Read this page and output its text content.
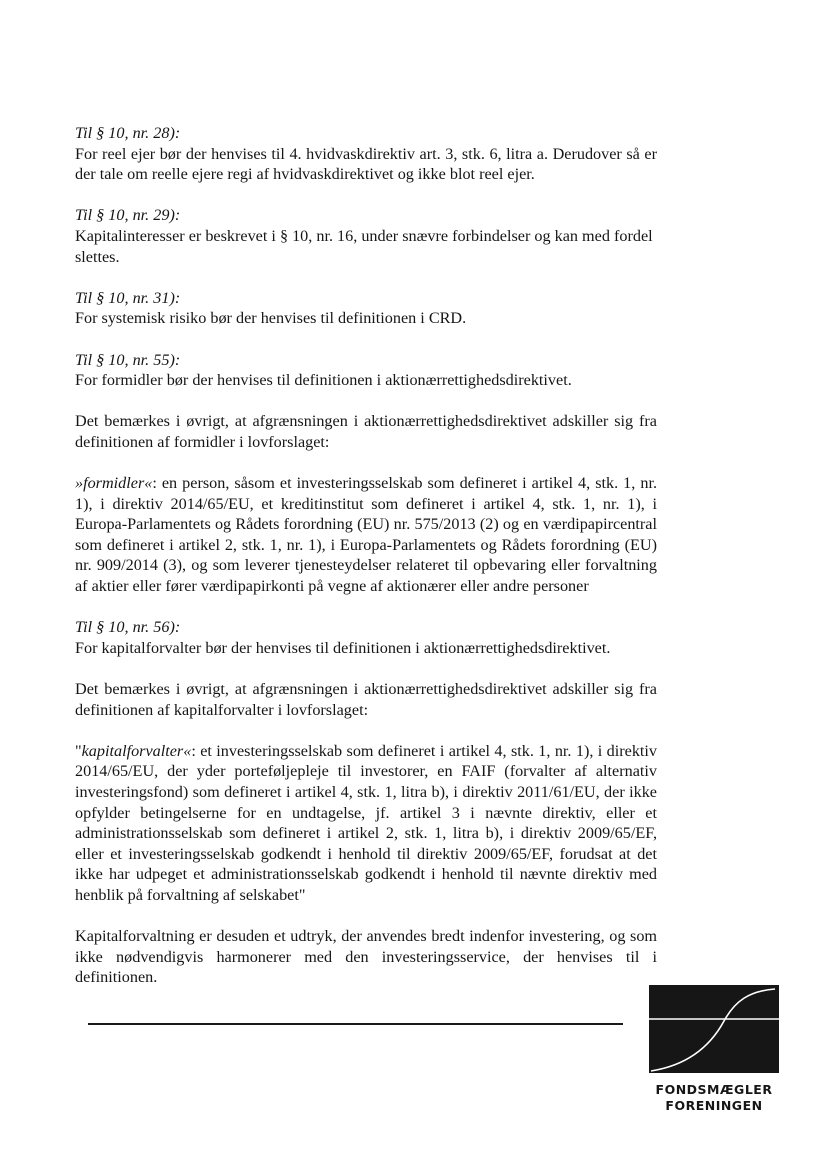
Til § 10, nr. 28):
For reel ejer bør der henvises til 4. hvidvaskdirektiv art. 3, stk. 6, litra a. Derudover så er der tale om reelle ejere regi af hvidvaskdirektivet og ikke blot reel ejer.
Til § 10, nr. 29):
Kapitalinteresser er beskrevet i § 10, nr. 16, under snævre forbindelser og kan med fordel slettes.
Til § 10, nr. 31):
For systemisk risiko bør der henvises til definitionen i CRD.
Til § 10, nr. 55):
For formidler bør der henvises til definitionen i aktionærrettighedsdirektivet.
Det bemærkes i øvrigt, at afgrænsningen i aktionærrettighedsdirektivet adskiller sig fra definitionen af formidler i lovforslaget:
»formidler«: en person, såsom et investeringsselskab som defineret i artikel 4, stk. 1, nr. 1), i direktiv 2014/65/EU, et kreditinstitut som defineret i artikel 4, stk. 1, nr. 1), i Europa-Parlamentets og Rådets forordning (EU) nr. 575/2013 (2) og en værdipapircentral som defineret i artikel 2, stk. 1, nr. 1), i Europa-Parlamentets og Rådets forordning (EU) nr. 909/2014 (3), og som leverer tjenesteydelser relateret til opbevaring eller forvaltning af aktier eller fører værdipapirkonti på vegne af aktionærer eller andre personer
Til § 10, nr. 56):
For kapitalforvalter bør der henvises til definitionen i aktionærrettighedsdirektivet.
Det bemærkes i øvrigt, at afgrænsningen i aktionærrettighedsdirektivet adskiller sig fra definitionen af kapitalforvalter i lovforslaget:
"kapitalforvalter«: et investeringsselskab som defineret i artikel 4, stk. 1, nr. 1), i direktiv 2014/65/EU, der yder porteføljepleje til investorer, en FAIF (forvalter af alternativ investeringsfond) som defineret i artikel 4, stk. 1, litra b), i direktiv 2011/61/EU, der ikke opfylder betingelserne for en undtagelse, jf. artikel 3 i nævnte direktiv, eller et administrationsselskab som defineret i artikel 2, stk. 1, litra b), i direktiv 2009/65/EF, eller et investeringsselskab godkendt i henhold til direktiv 2009/65/EF, forudsat at det ikke har udpeget et administrationsselskab godkendt i henhold til nævnte direktiv med henblik på forvaltning af selskabet"
Kapitalforvaltning er desuden et udtryk, der anvendes bredt indenfor investering, og som ikke nødvendigvis harmonerer med den investeringsservice, der henvises til i definitionen.
FONDSMÆGLER
FORENINGEN
